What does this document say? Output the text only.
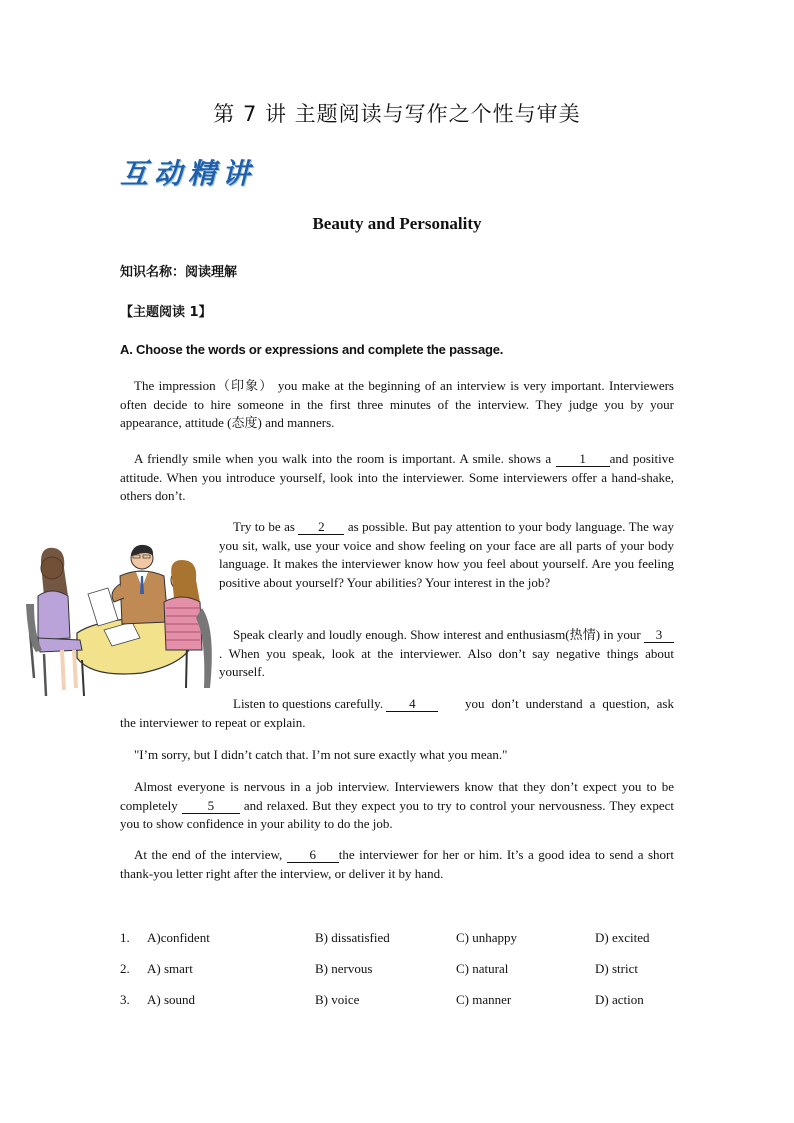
第 7 讲 主题阅读与写作之个性与审美
互动精讲
Beauty and Personality
知识名称：阅读理解
【主题阅读 1】
A. Choose the words or expressions and complete the passage.
The impression（印象） you make at the beginning of an interview is very important. Interviewers often decide to hire someone in the first three minutes of the interview. They judge you by your appearance, attitude (态度) and manners.
A friendly smile when you walk into the room is important. A smile. shows a 1 and positive attitude. When you introduce yourself, look into the interviewer. Some interviewers offer a hand-shake, others don’t.
Try to be as 2 as possible. But pay attention to your body language. The way you sit, walk, use your voice and show feeling on your face are all parts of your body language. It makes the interviewer know how you feel about yourself. Are you feeling positive about yourself? Your abilities? Your interest in the job?
Speak clearly and loudly enough. Show interest and enthusiasm(热情) in your 3. When you speak, look at the interviewer. Also don’t say negative things about yourself.
Listen to questions carefully. 4	you don’t understand a question, ask the interviewer to repeat or explain.
"I’m sorry, but I didn’t catch that. I’m not sure exactly what you mean."
Almost everyone is nervous in a job interview. Interviewers know that they don’t expect you to be completely 5 and relaxed. But they expect you to try to control your nervousness. They expect you to show confidence in your ability to do the job.
At the end of the interview, 6 the interviewer for her or him. It’s a good idea to send a short thank-you letter right after the interview, or deliver it by hand.
1. A)confident	B) dissatisfied	C) unhappy	D) excited
2. A) smart	B) nervous	C) natural	D) strict
3. A) sound	B) voice	C) manner	D) action
